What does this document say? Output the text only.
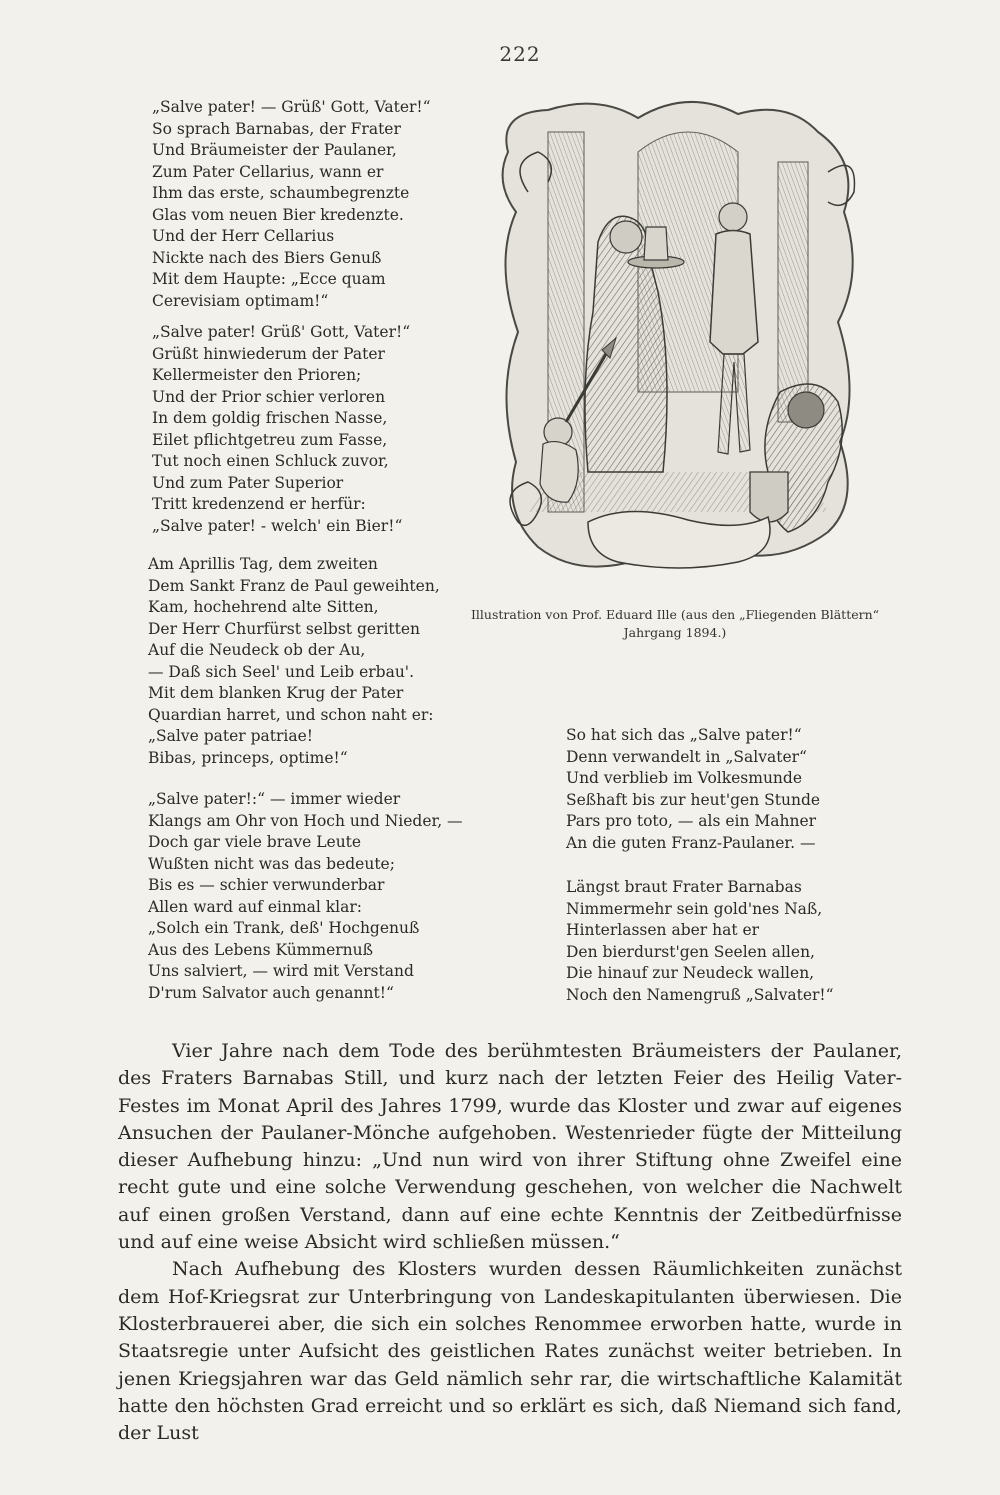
222
„Salve pater! — Grüß' Gott, Vater!“
So sprach Barnabas, der Frater
Und Bräumeister der Paulaner,
Zum Pater Cellarius, wann er
Ihm das erste, schaumbegrenzte
Glas vom neuen Bier kredenzte.
Und der Herr Cellarius
Nickte nach des Biers Genuß
Mit dem Haupte: „Ecce quam
Cerevisiam optimam!“
„Salve pater! Grüß' Gott, Vater!“
Grüßt hinwiederum der Pater
Kellermeister den Prioren;
Und der Prior schier verloren
In dem goldig frischen Nasse,
Eilet pflichtgetreu zum Fasse,
Tut noch einen Schluck zuvor,
Und zum Pater Superior
Tritt kredenzend er herfür:
„Salve pater! - welch' ein Bier!“
Am Aprillis Tag, dem zweiten
Dem Sankt Franz de Paul geweihten,
Kam, hochehrend alte Sitten,
Der Herr Churfürst selbst geritten
Auf die Neudeck ob der Au,
— Daß sich Seel' und Leib erbau'.
Mit dem blanken Krug der Pater
Quardian harret, und schon naht er:
„Salve pater patriae!
Bibas, princeps, optime!“
„Salve pater!:“ — immer wieder
Klangs am Ohr von Hoch und Nieder, —
Doch gar viele brave Leute
Wußten nicht was das bedeute;
Bis es — schier verwunderbar
Allen ward auf einmal klar:
„Solch ein Trank, deß' Hochgenuß
Aus des Lebens Kümmernuß
Uns salviert, — wird mit Verstand
D'rum Salvator auch genannt!“
Illustration von Prof. Eduard Ille (aus den „Fliegenden Blättern“
Jahrgang 1894.)
So hat sich das „Salve pater!“
Denn verwandelt in „Salvater“
Und verblieb im Volkesmunde
Seßhaft bis zur heut'gen Stunde
Pars pro toto, — als ein Mahner
An die guten Franz-Paulaner. —
Längst braut Frater Barnabas
Nimmermehr sein gold'nes Naß,
Hinterlassen aber hat er
Den bierdurst'gen Seelen allen,
Die hinauf zur Neudeck wallen,
Noch den Namengruß „Salvater!“

Vier Jahre nach dem Tode des berühmtesten Bräumeisters der Paulaner, des Fraters Barnabas Still, und kurz nach der letzten Feier des Heilig Vater-Festes im Monat April des Jahres 1799, wurde das Kloster und zwar auf eigenes Ansuchen der Paulaner-Mönche aufgehoben. Westenrieder fügte der Mitteilung dieser Aufhebung hinzu: „Und nun wird von ihrer Stiftung ohne Zweifel eine recht gute und eine solche Verwendung geschehen, von welcher die Nachwelt auf einen großen Verstand, dann auf eine echte Kenntnis der Zeitbedürfnisse und auf eine weise Absicht wird schließen müssen.“

Nach Aufhebung des Klosters wurden dessen Räumlichkeiten zunächst dem Hof-Kriegsrat zur Unterbringung von Landeskapitulanten überwiesen. Die Klosterbrauerei aber, die sich ein solches Renommee erworben hatte, wurde in Staatsregie unter Aufsicht des geistlichen Rates zunächst weiter betrieben. In jenen Kriegsjahren war das Geld nämlich sehr rar, die wirtschaftliche Kalamität hatte den höchsten Grad erreicht und so erklärt es sich, daß Niemand sich fand, der Lust
